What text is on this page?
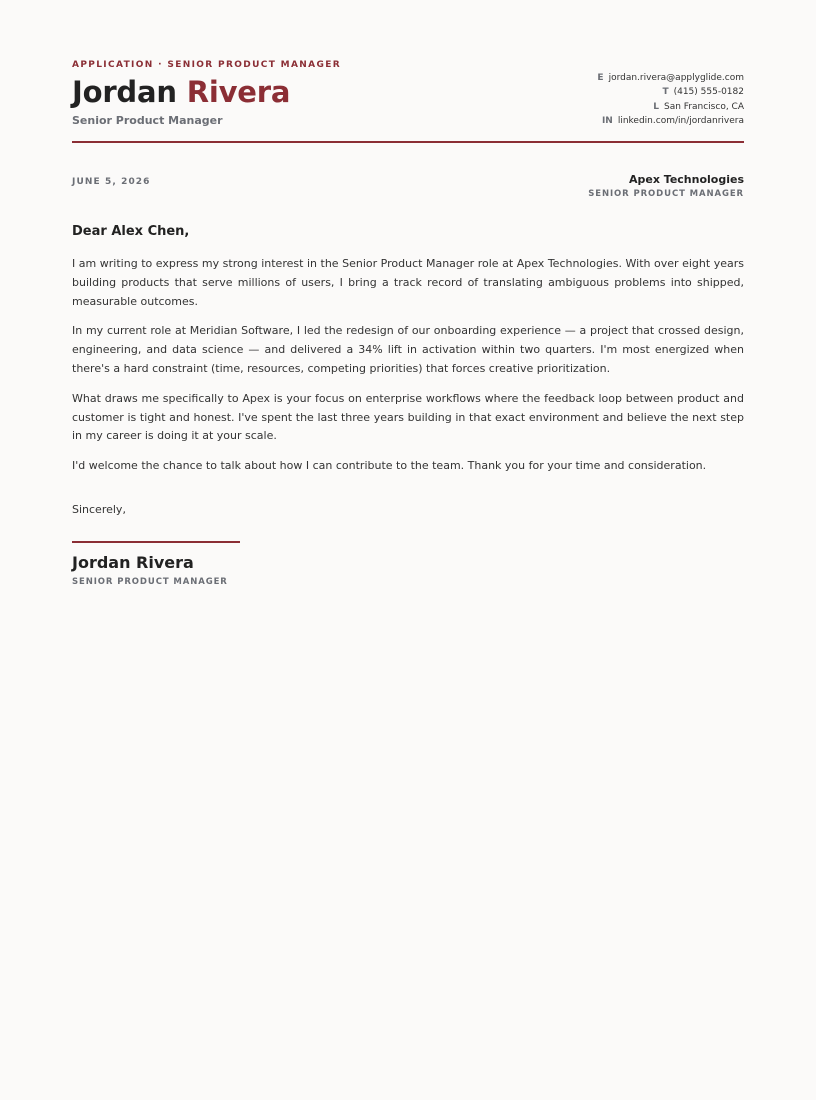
APPLICATION · SENIOR PRODUCT MANAGER
Jordan Rivera
Senior Product Manager
E jordan.rivera@applyglide.com
T (415) 555-0182
L San Francisco, CA
IN linkedin.com/in/jordanrivera
JUNE 5, 2026	Apex Technologies
SENIOR PRODUCT MANAGER
Dear Alex Chen,

I am writing to express my strong interest in the Senior Product Manager role at Apex Technologies. With over eight years building products that serve millions of users, I bring a track record of translating ambiguous problems into shipped, measurable outcomes.

In my current role at Meridian Software, I led the redesign of our onboarding experience — a project that crossed design, engineering, and data science — and delivered a 34% lift in activation within two quarters. I'm most energized when there's a hard constraint (time, resources, competing priorities) that forces creative prioritization.

What draws me specifically to Apex is your focus on enterprise workflows where the feedback loop between product and customer is tight and honest. I've spent the last three years building in that exact environment and believe the next step in my career is doing it at your scale.

I'd welcome the chance to talk about how I can contribute to the team. Thank you for your time and consideration.

Sincerely,
Jordan Rivera
SENIOR PRODUCT MANAGER
